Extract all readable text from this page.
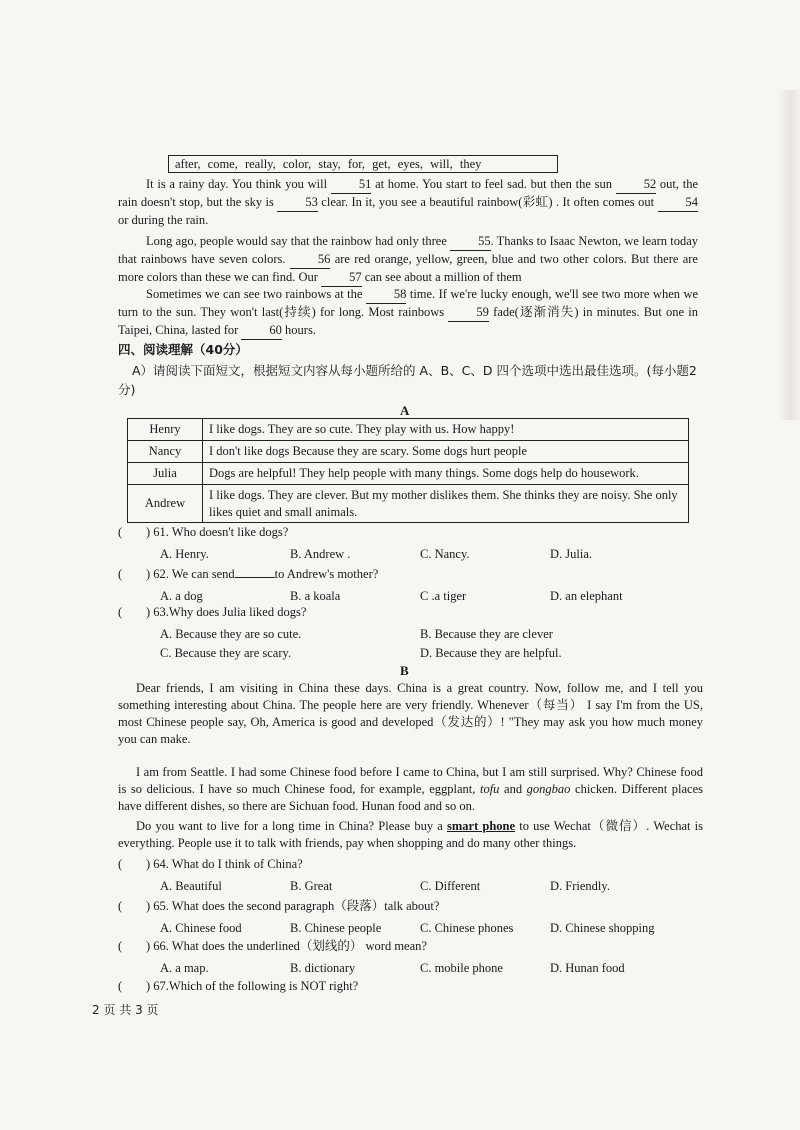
after, come, really, color, stay, for, get, eyes, will, they

It is a rainy day. You think you will	51 at home. You start to feel sad. but then the sun	52 out, the rain doesn't stop, but the sky is	53 clear. In it, you see a beautiful rainbow(彩虹) . It often comes out	54 or during the rain.

Long ago, people would say that the rainbow had only three 55. Thanks to Isaac Newton, we learn today that rainbows have seven colors.	56 are red orange, yellow, green, blue and two other colors. But there are more colors than these we can find. Our 57 can see about a million of them

Sometimes we can see two rainbows at the	58 time. If we're lucky enough, we'll see two more when we turn to the sun. They won't last(持续) for long. Most rainbows	59 fade(逐渐消失) in minutes. But one in Taipei, China, lasted for 60 hours.

四、阅读理解（40分）
A）请阅读下面短文，根据短文内容从每小题所给的 A、B、C、D 四个选项中选出最佳选项。(每小题2分)
A
Henry	I like dogs. They are so cute. They play with us. How happy!
Nancy	I don't like dogs Because they are scary. Some dogs hurt people
Julia	Dogs are helpful! They help people with many things. Some dogs help do housework.
Andrew	I like dogs. They are clever. But my mother dislikes them. She thinks they are noisy. She only likes quiet and small animals.
( ) 61. Who doesn't like dogs?
A. Henry.	B. Andrew .	C. Nancy.	D. Julia.
( ) 62. We can send	to Andrew's mother?
A. a dog	B. a koala	C .a tiger	D. an elephant
( ) 63.Why does Julia liked dogs?
A. Because they are so cute.	B. Because they are clever
C. Because they are scary.	D. Because they are helpful.
B

Dear friends, I am visiting in China these days. China is a great country. Now, follow me, and I tell you something interesting about China. The people here are very friendly. Whenever（每当） I say I'm from the US, most Chinese people say, Oh, America is good and developed（发达的）! "They may ask you how much money you can make.

I am from Seattle. I had some Chinese food before I came to China, but I am still surprised. Why? Chinese food is so delicious. I have so much Chinese food, for example, eggplant, tofu and gongbao chicken. Different places have different dishes, so there are Sichuan food. Hunan food and so on.

Do you want to live for a long time in China? Please buy a smart phone to use Wechat（微信）. Wechat is everything. People use it to talk with friends, pay when shopping and do many other things.

( ) 64. What do I think of China?
A. Beautiful	B. Great	C. Different	D. Friendly.
( ) 65. What does the second paragraph（段落）talk about?
A. Chinese food	B. Chinese people	C. Chinese phones	D. Chinese shopping
( ) 66. What does the underlined（划线的） word mean?
A. a map.	B. dictionary	C. mobile phone	D. Hunan food
( ) 67.Which of the following is NOT right?
2 页 共 3 页
